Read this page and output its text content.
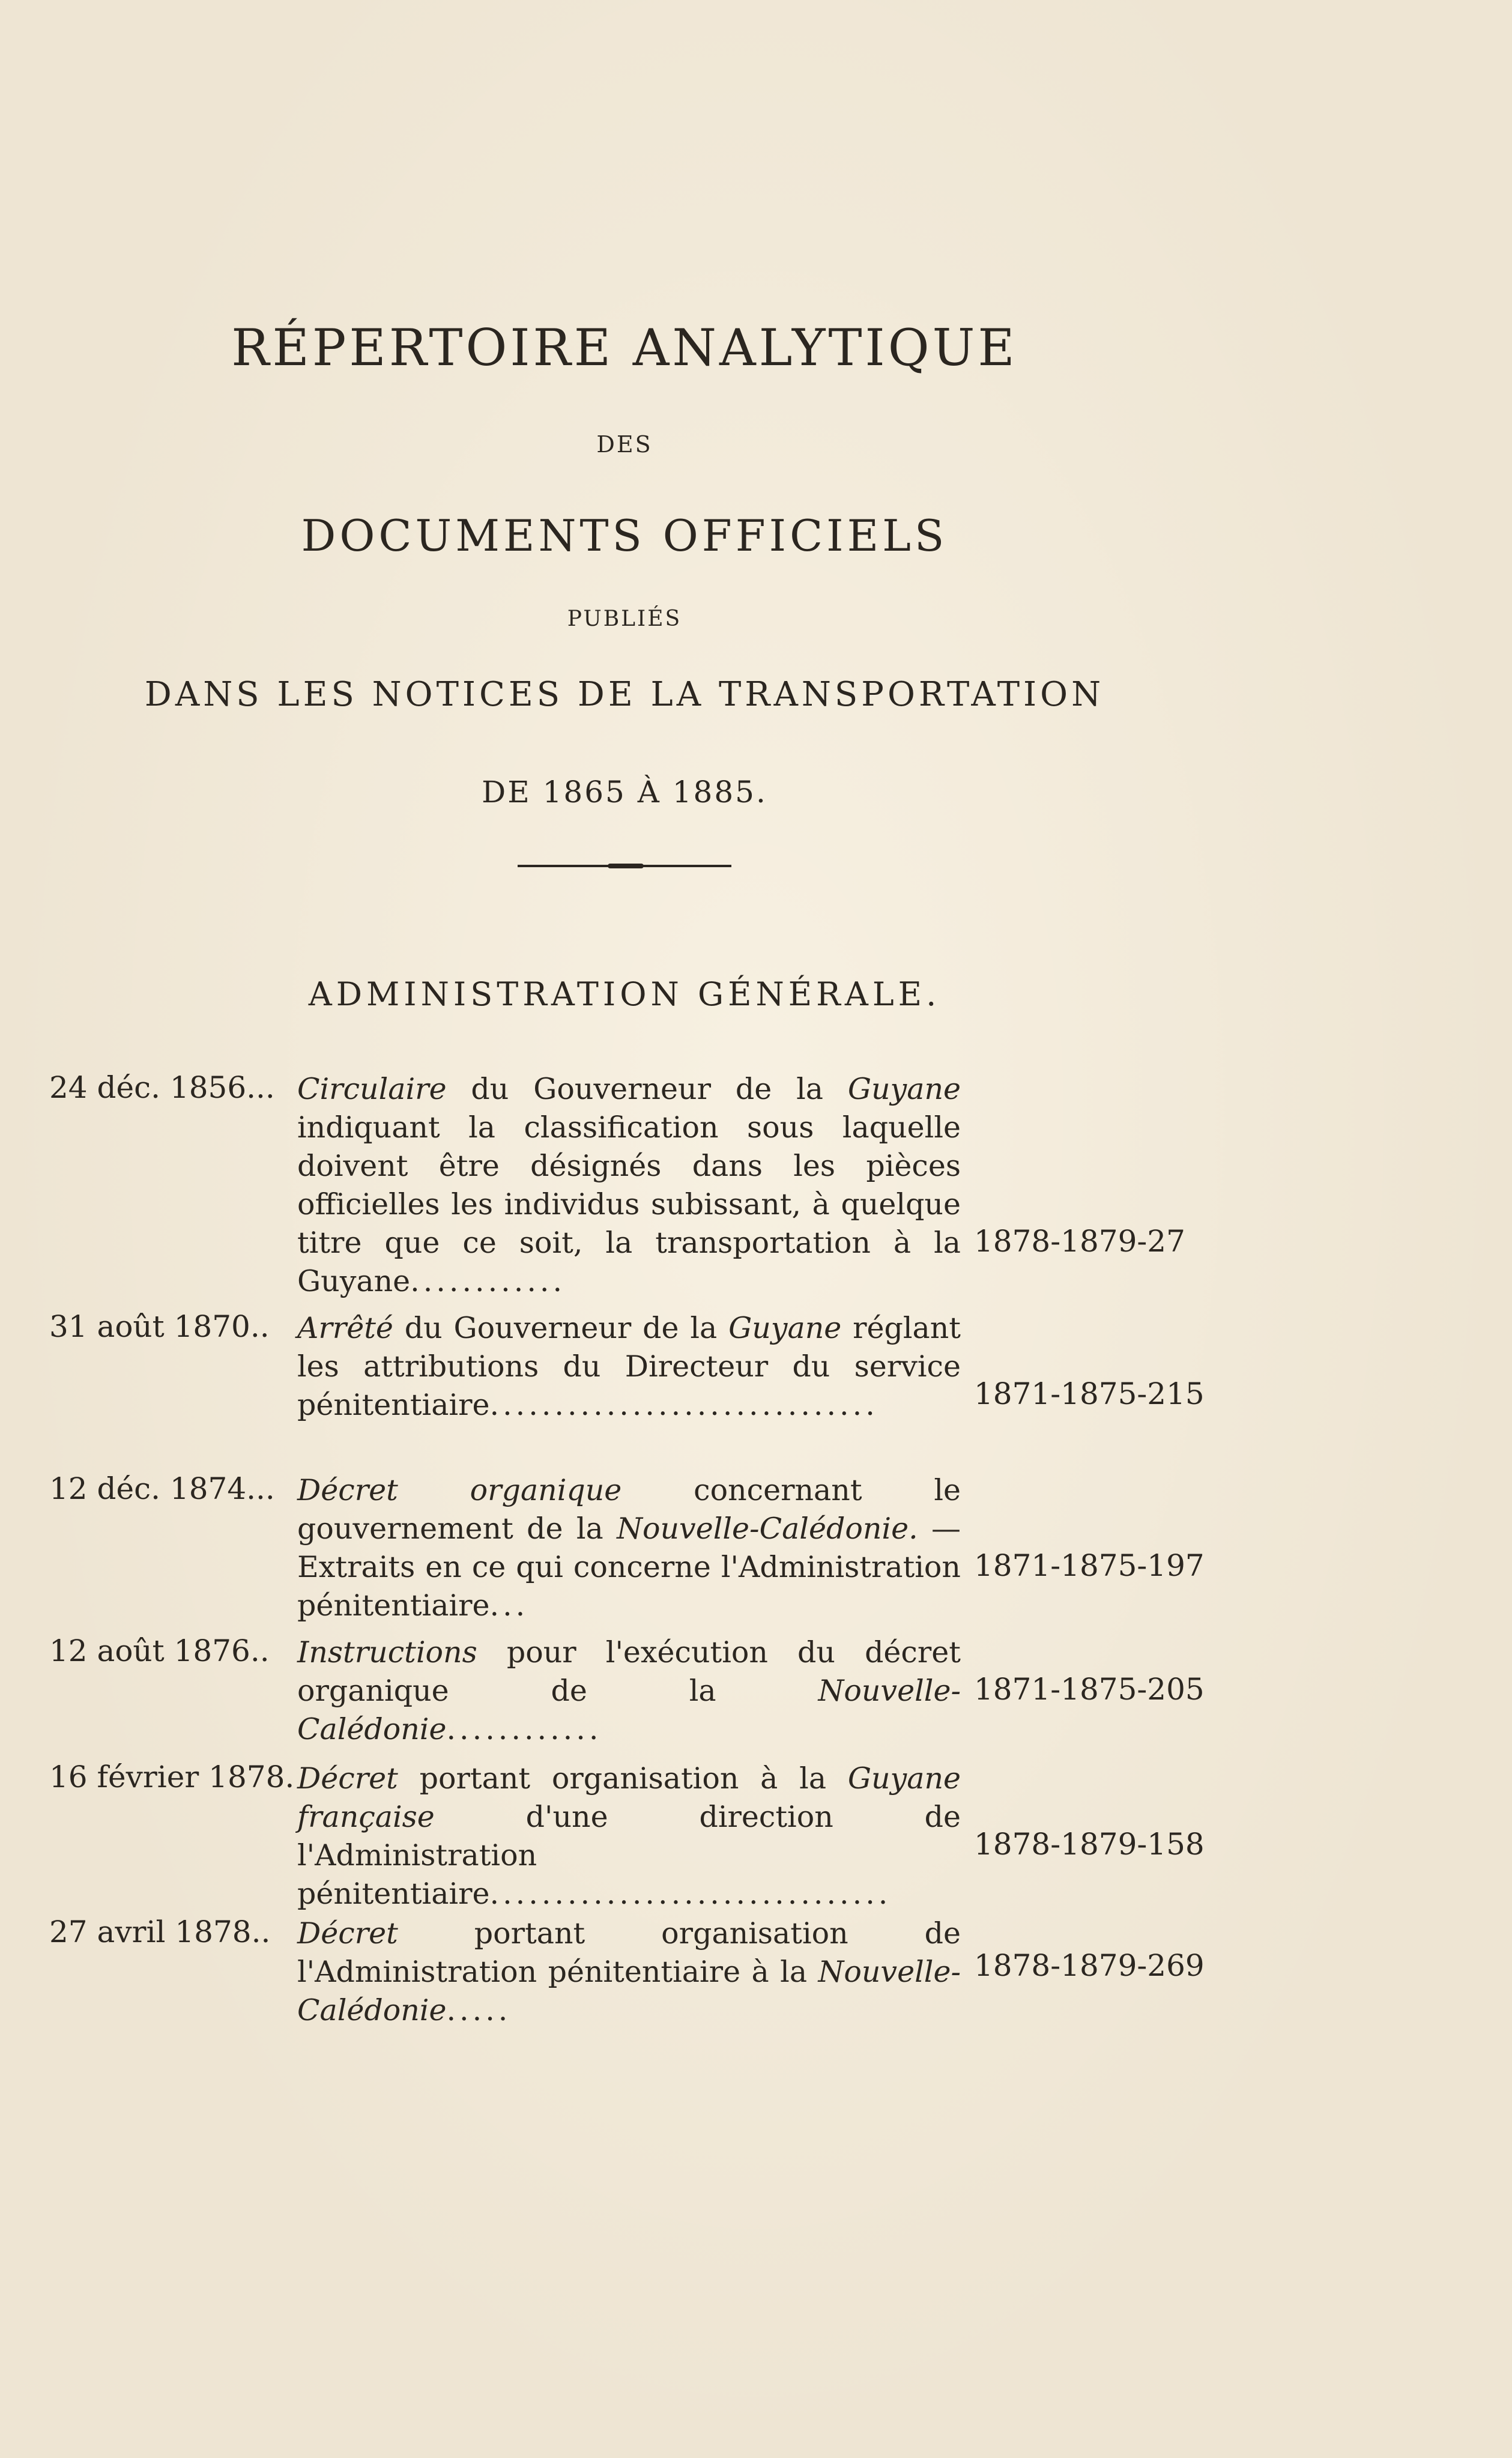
RÉPERTOIRE ANALYTIQUE
DES
DOCUMENTS OFFICIELS
PUBLIÉS
DANS LES NOTICES DE LA TRANSPORTATION
DE 1865 À 1885.
ADMINISTRATION GÉNÉRALE.
24 déc. 1856... Circulaire du Gouverneur de la Guyane indiquant la classification sous laquelle doivent être désignés dans les pièces officielles les individus subissant, à quelque titre que ce soit, la transportation à la Guyane............
1878-1879-27
31 août 1870.. Arrêté du Gouverneur de la Guyane réglant les attributions du Directeur du service pénitentiaire..............................	1871-1875-215
12 déc. 1874... Décret organique concernant le gouvernement de la Nouvelle-Calédonie. — Extraits en ce qui concerne l'Administration pénitentiaire...
1871-1875-197
12 août 1876.. Instructions pour l'exécution du décret organique de la Nouvelle-Calédonie............
1871-1875-205
16 février 1878. Décret portant organisation à la Guyane française d'une direction de l'Administration pénitentiaire...............................
1878-1879-158
27 avril 1878.. Décret portant organisation de l'Administration pénitentiaire à la Nouvelle-Calédonie.....
1878-1879-269
